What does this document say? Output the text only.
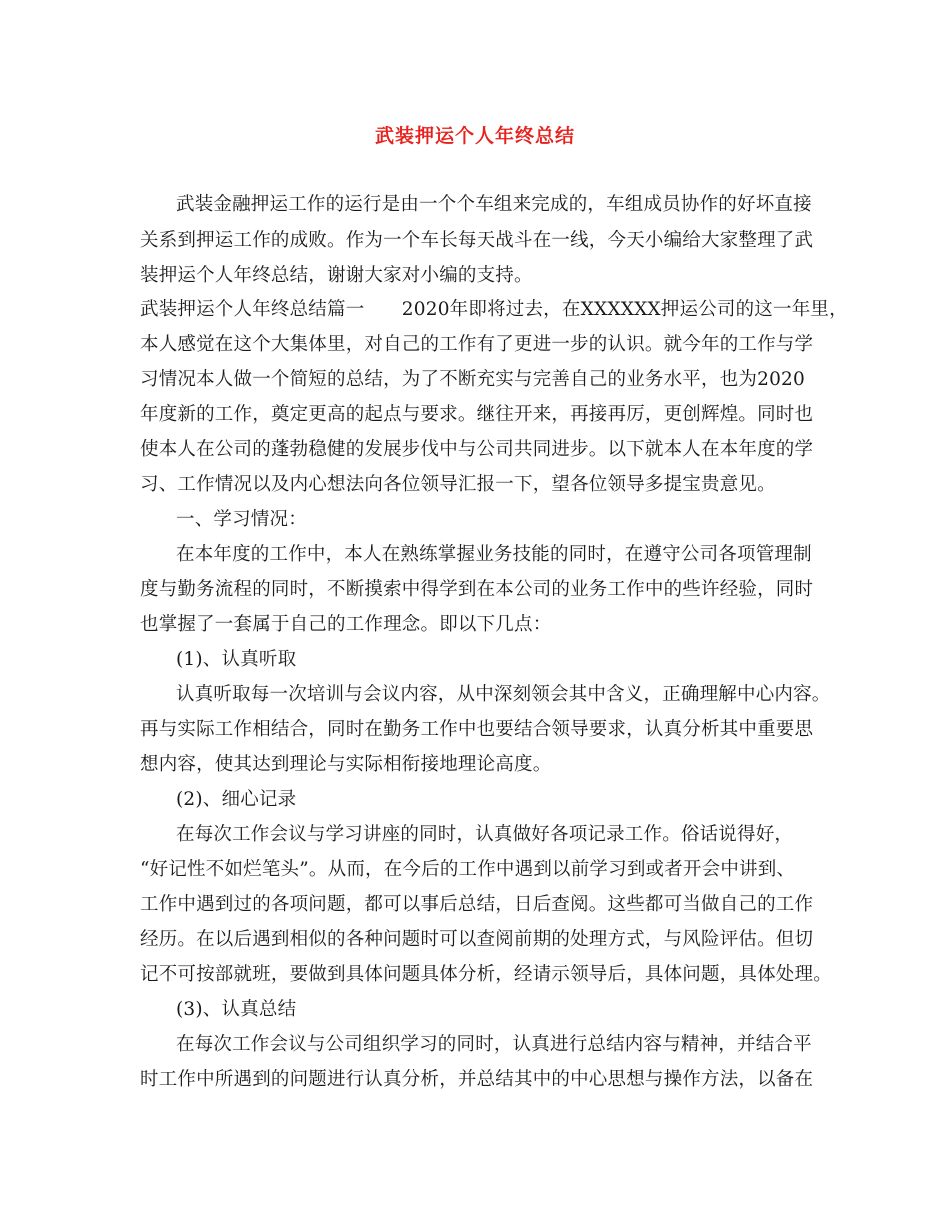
武装押运个人年终总结
武装金融押运工作的运行是由一个个车组来完成的，车组成员协作的好坏直接
关系到押运工作的成败。作为一个车长每天战斗在一线，今天小编给大家整理了武
装押运个人年终总结，谢谢大家对小编的支持。
武装押运个人年终总结篇一　　2020年即将过去，在XXXXXX押运公司的这一年里，
本人感觉在这个大集体里，对自己的工作有了更进一步的认识。就今年的工作与学
习情况本人做一个简短的总结，为了不断充实与完善自己的业务水平，也为2020
年度新的工作，奠定更高的起点与要求。继往开来，再接再厉，更创辉煌。同时也
使本人在公司的蓬勃稳健的发展步伐中与公司共同进步。以下就本人在本年度的学
习、工作情况以及内心想法向各位领导汇报一下，望各位领导多提宝贵意见。
一、学习情况：
在本年度的工作中，本人在熟练掌握业务技能的同时，在遵守公司各项管理制
度与勤务流程的同时，不断摸索中得学到在本公司的业务工作中的些许经验，同时
也掌握了一套属于自己的工作理念。即以下几点：
(1)、认真听取
认真听取每一次培训与会议内容，从中深刻领会其中含义，正确理解中心内容。
再与实际工作相结合，同时在勤务工作中也要结合领导要求，认真分析其中重要思
想内容，使其达到理论与实际相衔接地理论高度。
(2)、细心记录
在每次工作会议与学习讲座的同时，认真做好各项记录工作。俗话说得好，
“好记性不如烂笔头”。从而，在今后的工作中遇到以前学习到或者开会中讲到、
工作中遇到过的各项问题，都可以事后总结，日后查阅。这些都可当做自己的工作
经历。在以后遇到相似的各种问题时可以查阅前期的处理方式，与风险评估。但切
记不可按部就班，要做到具体问题具体分析，经请示领导后，具体问题，具体处理。
(3)、认真总结
在每次工作会议与公司组织学习的同时，认真进行总结内容与精神，并结合平
时工作中所遇到的问题进行认真分析，并总结其中的中心思想与操作方法，以备在
